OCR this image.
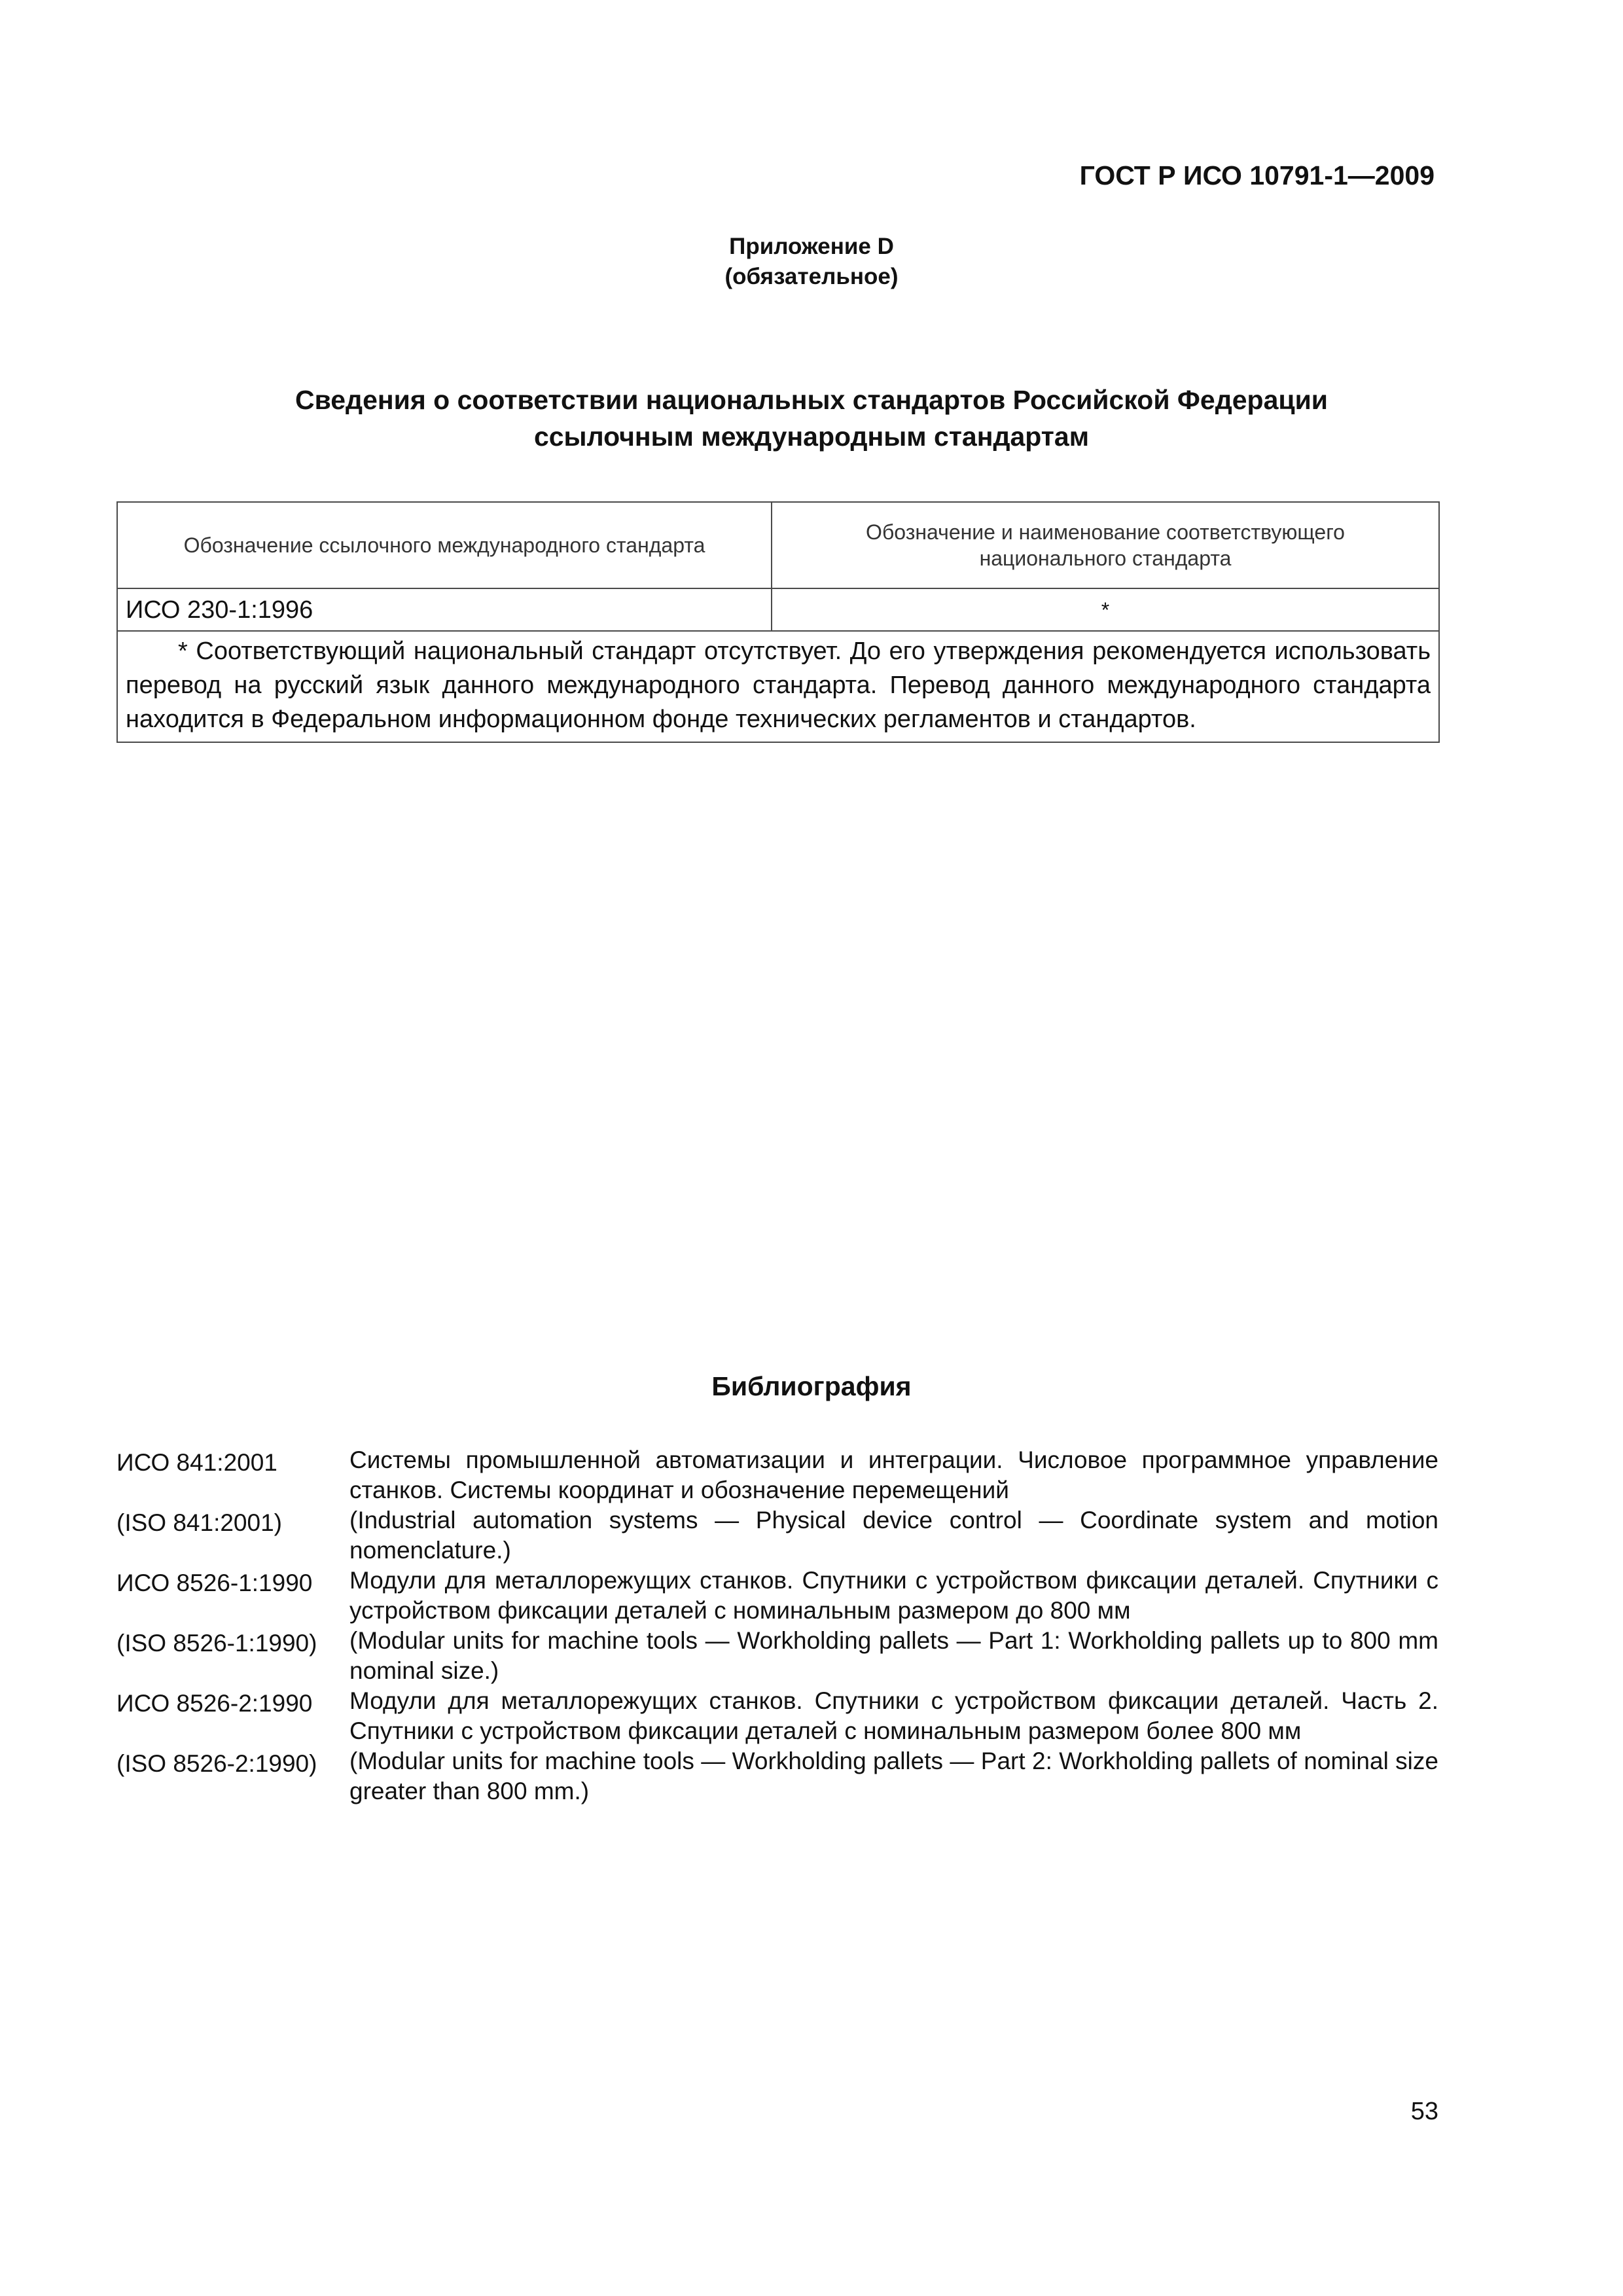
ГОСТ Р ИСО 10791-1—2009
Приложение D
(обязательное)
Сведения о соответствии национальных стандартов Российской Федерации
ссылочным международным стандартам
Обозначение ссылочного международного стандарта	Обозначение и наименование соответствующего
национального стандарта

ИСО 230-1:1996	*
* Соответствующий национальный стандарт отсутствует. До его утверждения рекомендуется использовать перевод на русский язык данного международного стандарта. Перевод данного международного стандарта находится в Федеральном информационном фонде технических регламентов и стандартов.	
Библиография
ИСО 841:2001	Системы промышленной автоматизации и интеграции. Числовое программное управление станков. Системы координат и обозначение перемещений
(ISO 841:2001)	(Industrial automation systems — Physical device control — Coordinate system and motion nomenclature.)
ИСО 8526-1:1990	Модули для металлорежущих станков. Спутники с устройством фиксации деталей. Спутники с устройством фиксации деталей с номинальным размером до 800 мм
(ISO 8526-1:1990)	(Modular units for machine tools — Workholding pallets — Part 1: Workholding pallets up to 800 mm nominal size.)
ИСО 8526-2:1990	Модули для металлорежущих станков. Спутники с устройством фиксации деталей. Часть 2. Спутники с устройством фиксации деталей с номинальным размером более 800 мм
(ISO 8526-2:1990)	(Modular units for machine tools — Workholding pallets — Part 2: Workholding pallets of nominal size greater than 800 mm.)
53
